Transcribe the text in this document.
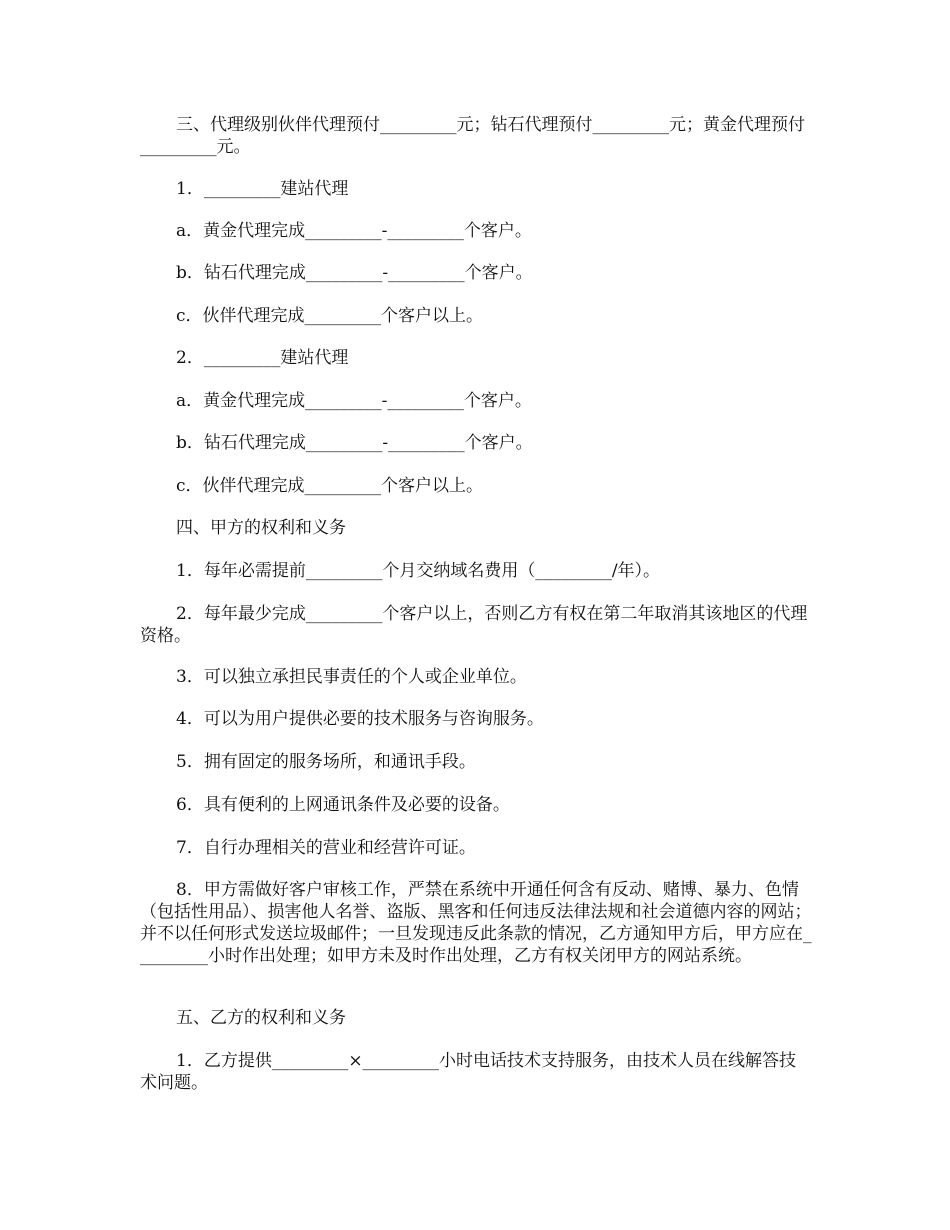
三、代理级别伙伴代理预付_________元；钻石代理预付_________元；黄金代理预付_________元。

1．_________建站代理

a．黄金代理完成_________-_________个客户。

b．钻石代理完成_________-_________个客户。

c．伙伴代理完成_________个客户以上。

2．_________建站代理

a．黄金代理完成_________-_________个客户。

b．钻石代理完成_________-_________个客户。

c．伙伴代理完成_________个客户以上。

四、甲方的权利和义务

1．每年必需提前_________个月交纳域名费用（_________/年）。

2．每年最少完成_________个客户以上，否则乙方有权在第二年取消其该地区的代理资格。

3．可以独立承担民事责任的个人或企业单位。

4．可以为用户提供必要的技术服务与咨询服务。

5．拥有固定的服务场所，和通讯手段。

6．具有便利的上网通讯条件及必要的设备。

7．自行办理相关的营业和经营许可证。

8．甲方需做好客户审核工作，严禁在系统中开通任何含有反动、赌博、暴力、色情（包括性用品）、损害他人名誉、盗版、黑客和任何违反法律法规和社会道德内容的网站；并不以任何形式发送垃圾邮件；一旦发现违反此条款的情况，乙方通知甲方后，甲方应在_________小时作出处理；如甲方未及时作出处理，乙方有权关闭甲方的网站系统。

五、乙方的权利和义务

1．乙方提供_________×_________小时电话技术支持服务，由技术人员在线解答技术问题。
